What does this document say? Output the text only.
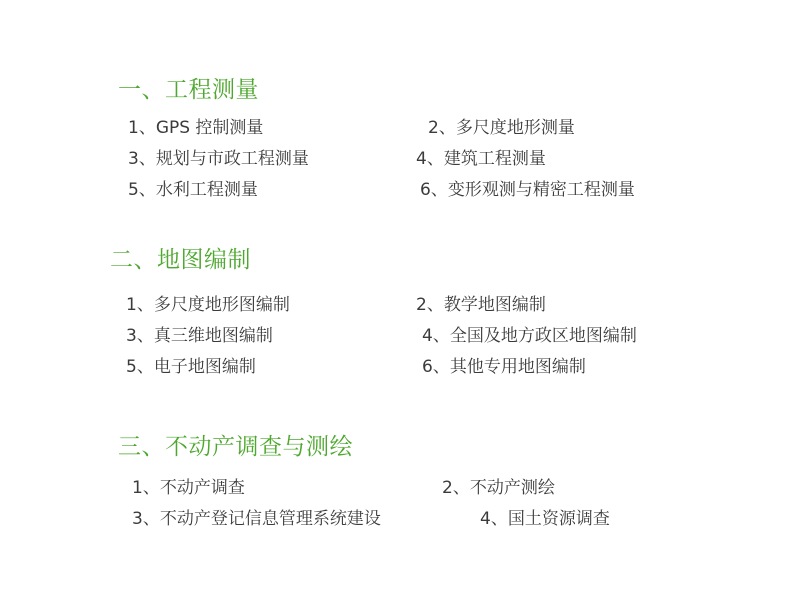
一、工程测量
1、GPS 控制测量	2、多尺度地形测量
3、规划与市政工程测量	4、建筑工程测量
5、水利工程测量	6、变形观测与精密工程测量
二、地图编制
1、多尺度地形图编制	2、教学地图编制
3、真三维地图编制	4、全国及地方政区地图编制
5、电子地图编制	6、其他专用地图编制
三、不动产调查与测绘
1、不动产调查	2、不动产测绘
3、不动产登记信息管理系统建设	4、国土资源调查
